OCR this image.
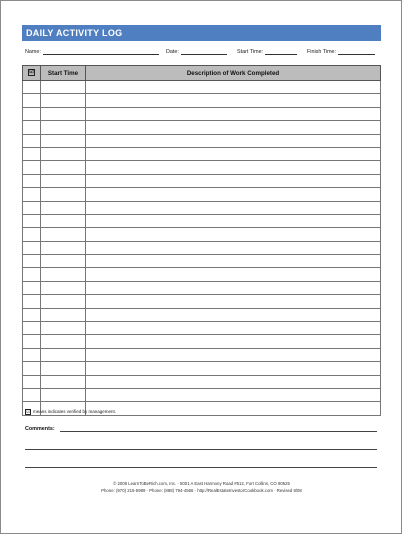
DAILY ACTIVITY LOG
Name:	Date:	Start Time:	Finish Time:
☑	Start Time	Description of Work Completed

☑ means indicates verified by management.
Comments:
© 2008 LearnToBeRich.com, Inc. · 5001 A East Harmony Road #512, Fort Collins, CO 80525
Phone: (970) 215-5989 · Phone: (888) 794-4566 · http://RealEstateInvestorCookbook.com · Revised 8/08
